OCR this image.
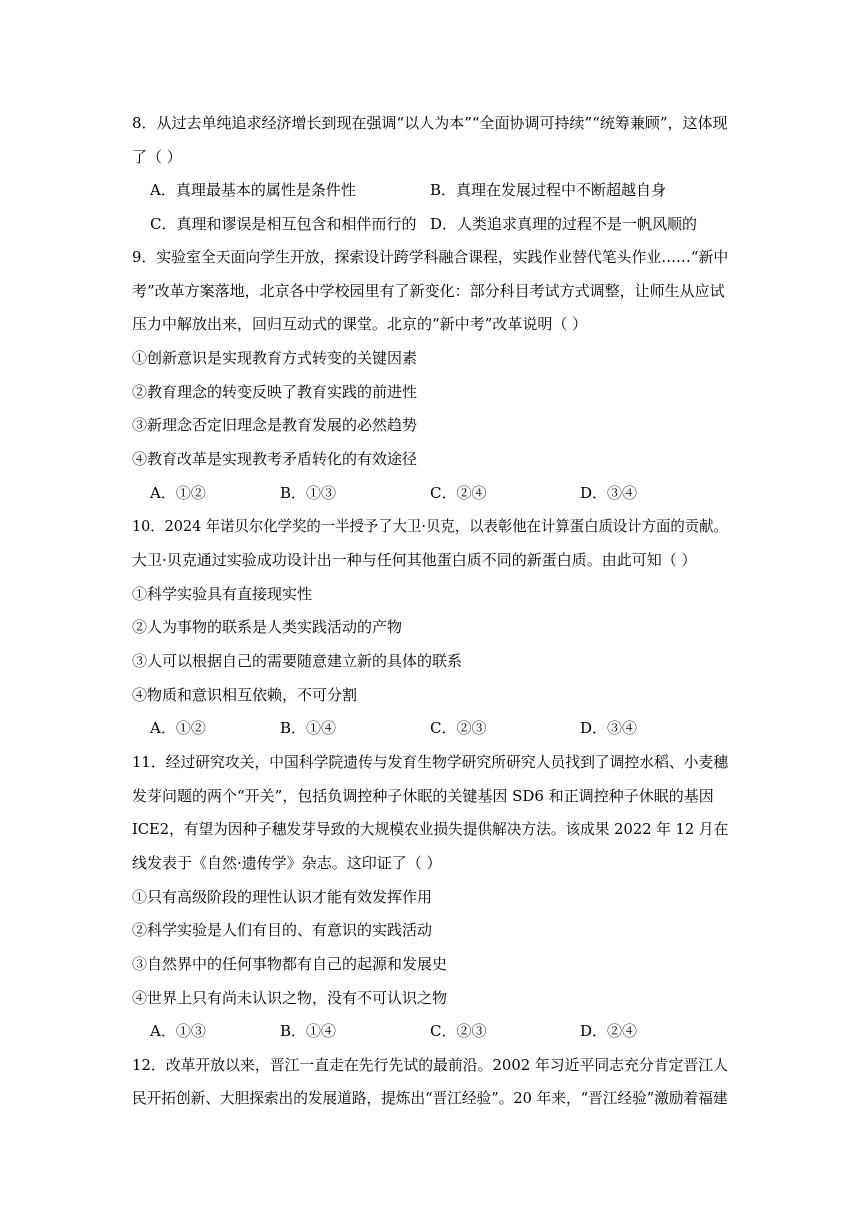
8．从过去单纯追求经济增长到现在强调“以人为本”“全面协调可持续”“统筹兼顾”，这体现
了（ ）
A．真理最基本的属性是条件性	B．真理在发展过程中不断超越自身
C．真理和谬误是相互包含和相伴而行的 D．人类追求真理的过程不是一帆风顺的
9．实验室全天面向学生开放，探索设计跨学科融合课程，实践作业替代笔头作业……“新中
考”改革方案落地，北京各中学校园里有了新变化：部分科目考试方式调整，让师生从应试
压力中解放出来，回归互动式的课堂。北京的“新中考”改革说明（ ）
①创新意识是实现教育方式转变的关键因素
②教育理念的转变反映了教育实践的前进性
③新理念否定旧理念是教育发展的必然趋势
④教育改革是实现教考矛盾转化的有效途径
A．①②	B．①③	C．②④	D．③④
10．2024 年诺贝尔化学奖的一半授予了大卫·贝克，以表彰他在计算蛋白质设计方面的贡献。
大卫·贝克通过实验成功设计出一种与任何其他蛋白质不同的新蛋白质。由此可知（ ）
①科学实验具有直接现实性
②人为事物的联系是人类实践活动的产物
③人可以根据自己的需要随意建立新的具体的联系
④物质和意识相互依赖，不可分割
A．①②	B．①④	C．②③	D．③④
11．经过研究攻关，中国科学院遗传与发育生物学研究所研究人员找到了调控水稻、小麦穗
发芽问题的两个“开关”，包括负调控种子休眠的关键基因 SD6 和正调控种子休眠的基因
ICE2，有望为因种子穗发芽导致的大规模农业损失提供解决方法。该成果 2022 年 12 月在
线发表于《自然·遗传学》杂志。这印证了（ ）
①只有高级阶段的理性认识才能有效发挥作用
②科学实验是人们有目的、有意识的实践活动
③自然界中的任何事物都有自己的起源和发展史
④世界上只有尚未认识之物，没有不可认识之物
A．①③	B．①④	C．②③	D．②④
12．改革开放以来，晋江一直走在先行先试的最前沿。2002 年习近平同志充分肯定晋江人
民开拓创新、大胆探索出的发展道路，提炼出“晋江经验”。20 年来，“晋江经验”激励着福建
